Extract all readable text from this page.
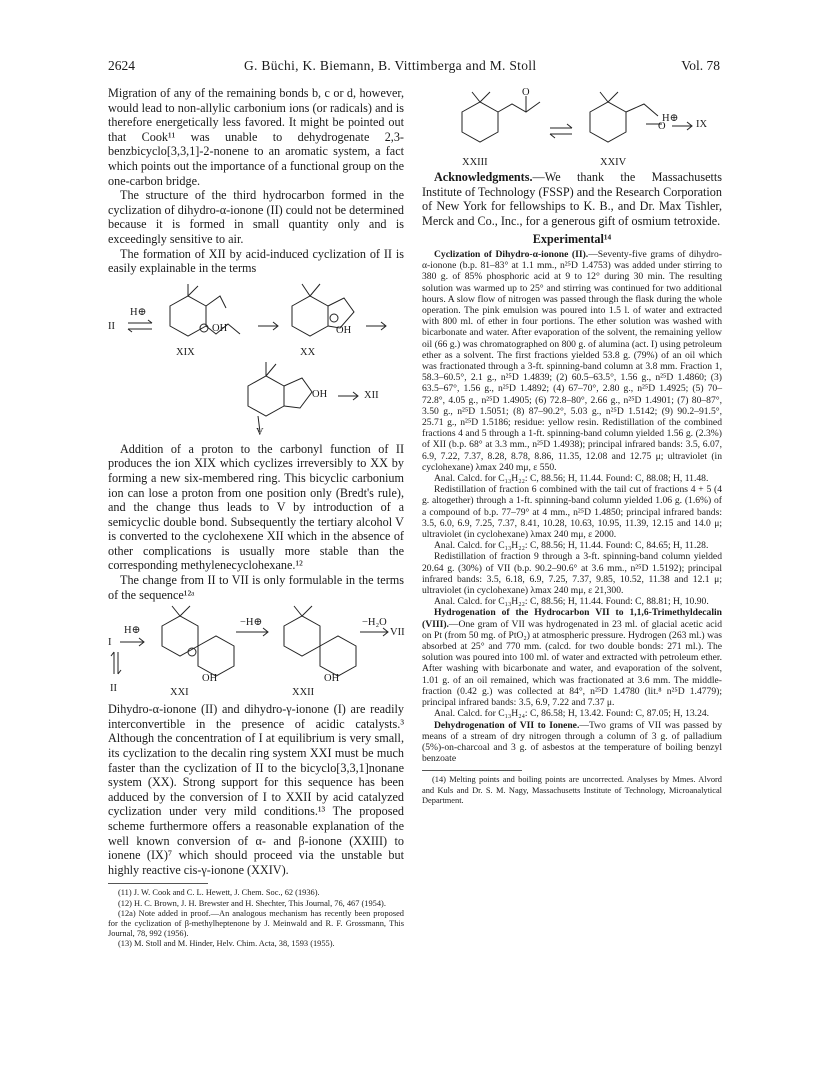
2624	G. Büchi, K. Biemann, B. Vittimberga and M. Stoll	Vol. 78

Migration of any of the remaining bonds b, c or d, however, would lead to non-allylic carbonium ions (or radicals) and is therefore energetically less favored. It might be pointed out that Cook¹¹ was unable to dehydrogenate 2,3-benzbicyclo[3,3,1]-2-nonene to an aromatic system, a fact which points out the importance of a functional group on the one-carbon bridge.

The structure of the third hydrocarbon formed in the cyclization of dihydro-α-ionone (II) could not be determined because it is formed in small quantity only and is exceedingly sensitive to air.

The formation of XII by acid-induced cyclization of II is easily explainable in the terms

II
H⊕
OH
XIX
OH
XX
OH	XII
V

Addition of a proton to the carbonyl function of II produces the ion XIX which cyclizes irreversibly to XX by forming a new six-membered ring. This bicyclic carbonium ion can lose a proton from one position only (Bredt's rule), and the change thus leads to V by introduction of a semicyclic double bond. Subsequently the tertiary alcohol V is converted to the cyclohexene XII which in the absence of other complications is usually more stable than the corresponding methylenecyclohexane.¹²

The change from II to VII is only formulable in the terms of the sequence¹²ᵃ

I
H⊕
II
OH
XXI
−H⊕
OH
XXII
−H₂O
VII

Dihydro-α-ionone (II) and dihydro-γ-ionone (I) are readily interconvertible in the presence of acidic catalysts.³ Although the concentration of I at equilibrium is very small, its cyclization to the decalin ring system XXI must be much faster than the cyclization of II to the bicyclo[3,3,1]nonane system (XX). Strong support for this sequence has been adduced by the conversion of I to XXII by acid catalyzed cyclization under very mild conditions.¹³ The proposed scheme furthermore offers a reasonable explanation of the well known conversion of α- and β-ionone (XXIII) to ionene (IX)⁷ which should proceed via the unstable but highly reactive cis-γ-ionone (XXIV).

(11) J. W. Cook and C. L. Hewett, J. Chem. Soc., 62 (1936).

(12) H. C. Brown, J. H. Brewster and H. Shechter, This Journal, 76, 467 (1954).

(12a) Note added in proof.—An analogous mechanism has recently been proposed for the cyclization of β-methylheptenone by J. Meinwald and R. F. Grossmann, This Journal, 78, 992 (1956).

(13) M. Stoll and M. Hinder, Helv. Chim. Acta, 38, 1593 (1955).

O
O
H⊕
IX
XXIII	XXIV

Acknowledgments.—We thank the Massachusetts Institute of Technology (FSSP) and the Research Corporation of New York for fellowships to K. B., and Dr. Max Tishler, Merck and Co., Inc., for a generous gift of osmium tetroxide.

Experimental¹⁴

Cyclization of Dihydro-α-ionone (II).—Seventy-five grams of dihydro-α-ionone (b.p. 81–83° at 1.1 mm., n²⁵D 1.4753) was added under stirring to 380 g. of 85% phosphoric acid at 9 to 12° during 30 min. The resulting solution was warmed up to 25° and stirring was continued for two additional hours. A slow flow of nitrogen was passed through the flask during the whole operation. The pink emulsion was poured into 1.5 l. of water and extracted with 800 ml. of ether in four portions. The ether solution was washed with bicarbonate and water. After evaporation of the solvent, the remaining yellow oil (66 g.) was chromatographed on 800 g. of alumina (act. I) using petroleum ether as a solvent. The first fractions yielded 53.8 g. (79%) of an oil which was fractionated through a 3-ft. spinning-band column at 3.8 mm. Fraction 1, 58.3–60.5°, 2.1 g., n²⁵D 1.4839; (2) 60.5–63.5°, 1.56 g., n²⁵D 1.4860; (3) 63.5–67°, 1.56 g., n²⁵D 1.4892; (4) 67–70°, 2.80 g., n²⁵D 1.4925; (5) 70–72.8°, 4.05 g., n²⁵D 1.4905; (6) 72.8–80°, 2.66 g., n²⁵D 1.4901; (7) 80–87°, 3.50 g., n²⁵D 1.5051; (8) 87–90.2°, 5.03 g., n²⁵D 1.5142; (9) 90.2–91.5°, 25.71 g., n²⁵D 1.5186; residue: yellow resin. Redistillation of the combined fractions 4 and 5 through a 1-ft. spinning-band column yielded 1.56 g. (2.3%) of XII (b.p. 68° at 3.3 mm., n²⁵D 1.4938); principal infrared bands: 3.5, 6.07, 6.9, 7.22, 7.37, 8.28, 8.78, 8.86, 11.35, 12.08 and 12.75 μ; ultraviolet (in cyclohexane) λmax 240 mμ, ε 550.

Anal. Calcd. for C₁₃H₂₂: C, 88.56; H, 11.44. Found: C, 88.08; H, 11.48.

Redistillation of fraction 6 combined with the tail cut of fractions 4 + 5 (4 g. altogether) through a 1-ft. spinning-band column yielded 1.06 g. (1.6%) of a compound of b.p. 77–79° at 4 mm., n²⁵D 1.4850; principal infrared bands: 3.5, 6.0, 6.9, 7.25, 7.37, 8.41, 10.28, 10.63, 10.95, 11.39, 12.15 and 14.0 μ; ultraviolet (in cyclohexane) λmax 240 mμ, ε 2000.

Anal. Calcd. for C₁₃H₂₂: C, 88.56; H, 11.44. Found: C, 84.65; H, 11.28.

Redistillation of fraction 9 through a 3-ft. spinning-band column yielded 20.64 g. (30%) of VII (b.p. 90.2–90.6° at 3.6 mm., n²⁵D 1.5192); principal infrared bands: 3.5, 6.18, 6.9, 7.25, 7.37, 9.85, 10.52, 11.38 and 12.1 μ; ultraviolet (in cyclohexane) λmax 240 mμ, ε 21,300.

Anal. Calcd. for C₁₃H₂₂: C, 88.56; H, 11.44. Found: C, 88.81; H, 10.90.

Hydrogenation of the Hydrocarbon VII to 1,1,6-Trimethyldecalin (VIII).—One gram of VII was hydrogenated in 23 ml. of glacial acetic acid on Pt (from 50 mg. of PtO₂) at atmospheric pressure. Hydrogen (263 ml.) was absorbed at 25° and 770 mm. (calcd. for two double bonds: 271 ml.). The solution was poured into 100 ml. of water and extracted with petroleum ether. After washing with bicarbonate and water, and evaporation of the solvent, 1.01 g. of an oil remained, which was fractionated at 3.6 mm. The middle-fraction (0.42 g.) was collected at 84°, n²⁵D 1.4780 (lit.⁸ n²⁵D 1.4779); principal infrared bands: 3.5, 6.9, 7.22 and 7.37 μ.

Anal. Calcd. for C₁₃H₂₄: C, 86.58; H, 13.42. Found: C, 87.05; H, 13.24.

Dehydrogenation of VII to Ionene.—Two grams of VII was passed by means of a stream of dry nitrogen through a column of 3 g. of palladium (5%)-on-charcoal and 3 g. of asbestos at the temperature of boiling benzyl benzoate

(14) Melting points and boiling points are uncorrected. Analyses by Mmes. Alvord and Kuls and Dr. S. M. Nagy, Massachusetts Institute of Technology, Microanalytical Department.
